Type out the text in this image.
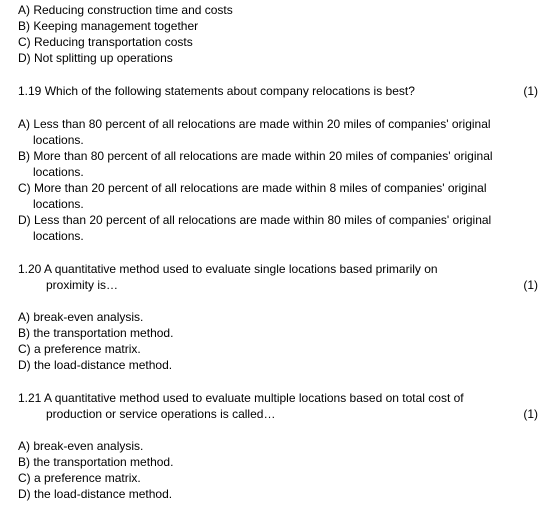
A) Reducing construction time and costs
B) Keeping management together
C) Reducing transportation costs
D) Not splitting up operations
1.19 Which of the following statements about company relocations is best?	(1)
A) Less than 80 percent of all relocations are made within 20 miles of companies' original
locations.
B) More than 80 percent of all relocations are made within 20 miles of companies' original
locations.
C) More than 20 percent of all relocations are made within 8 miles of companies' original
locations.
D) Less than 20 percent of all relocations are made within 80 miles of companies' original
locations.
1.20 A quantitative method used to evaluate single locations based primarily on
proximity is…	(1)
A) break-even analysis.
B) the transportation method.
C) a preference matrix.
D) the load-distance method.
1.21 A quantitative method used to evaluate multiple locations based on total cost of
production or service operations is called…	(1)
A) break-even analysis.
B) the transportation method.
C) a preference matrix.
D) the load-distance method.
